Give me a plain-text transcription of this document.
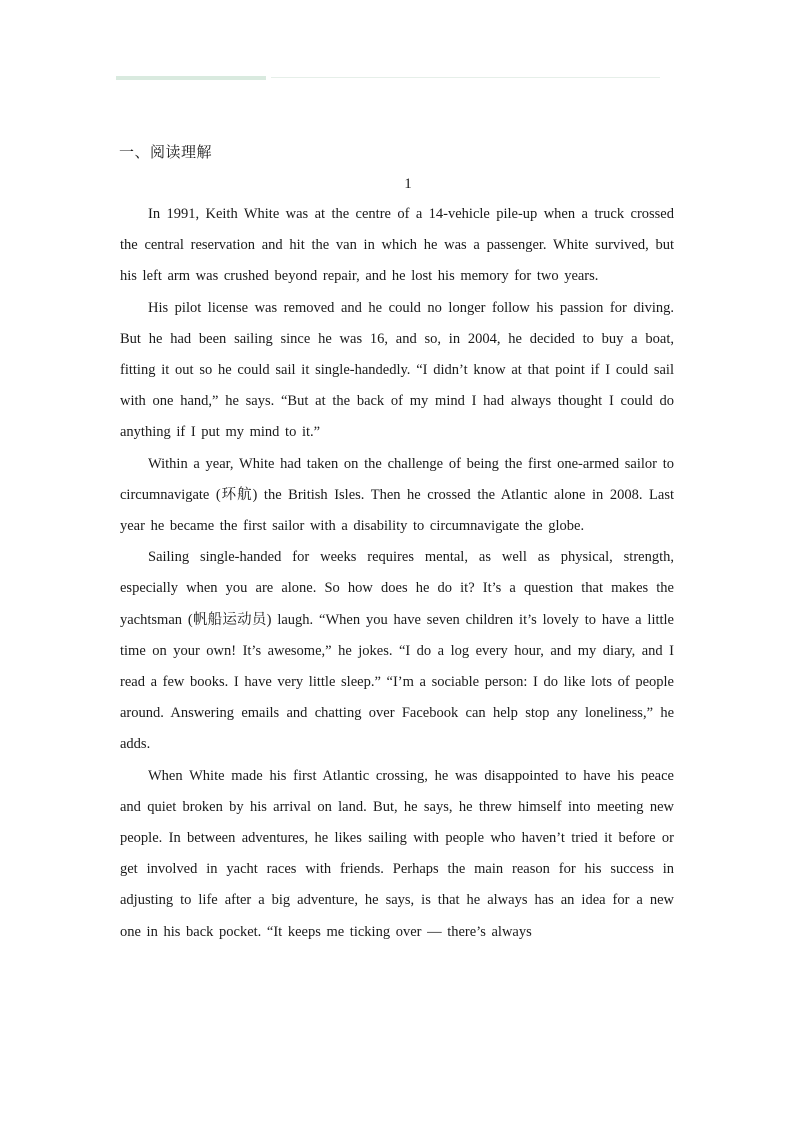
一、阅读理解
1

In 1991, Keith White was at the centre of a 14-vehicle pile-up when a truck crossed the central reservation and hit the van in which he was a passenger. White survived, but his left arm was crushed beyond repair, and he lost his memory for two years.

His pilot license was removed and he could no longer follow his passion for diving. But he had been sailing since he was 16, and so, in 2004, he decided to buy a boat, fitting it out so he could sail it single-handedly. “I didn’t know at that point if I could sail with one hand,” he says. “But at the back of my mind I had always thought I could do anything if I put my mind to it.”

Within a year, White had taken on the challenge of being the first one-armed sailor to circumnavigate (环航) the British Isles. Then he crossed the Atlantic alone in 2008. Last year he became the first sailor with a disability to circumnavigate the globe.

Sailing single-handed for weeks requires mental, as well as physical, strength, especially when you are alone. So how does he do it? It’s a question that makes the yachtsman (帆船运动员) laugh. “When you have seven children it’s lovely to have a little time on your own! It’s awesome,” he jokes. “I do a log every hour, and my diary, and I read a few books. I have very little sleep.” “I’m a sociable person: I do like lots of people around. Answering emails and chatting over Facebook can help stop any loneliness,” he adds.

When White made his first Atlantic crossing, he was disappointed to have his peace and quiet broken by his arrival on land. But, he says, he threw himself into meeting new people. In between adventures, he likes sailing with people who haven’t tried it before or get involved in yacht races with friends. Perhaps the main reason for his success in adjusting to life after a big adventure, he says, is that he always has an idea for a new one in his back pocket. “It keeps me ticking over — there’s always
